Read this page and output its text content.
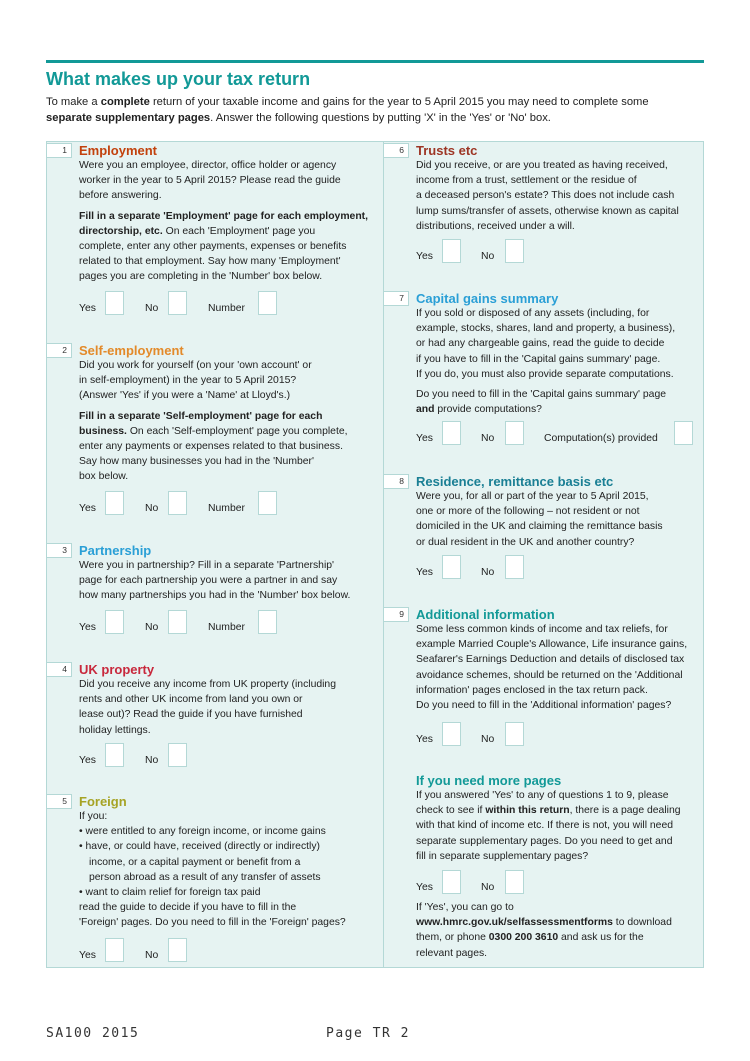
What makes up your tax return
To make a complete return of your taxable income and gains for the year to 5 April 2015 you may need to complete some
separate supplementary pages. Answer the following questions by putting 'X' in the 'Yes' or 'No' box.
1 Employment

Were you an employee, director, office holder or agency

worker in the year to 5 April 2015? Please read the guide

before answering.

Fill in a separate 'Employment' page for each employment,

directorship, etc. On each 'Employment' page you

complete, enter any other payments, expenses or benefits

related to that employment. Say how many 'Employment'

pages you are completing in the 'Number' box below.

Yes	No	Number
2 Self-employment

Did you work for yourself (on your 'own account' or

in self-employment) in the year to 5 April 2015?

(Answer 'Yes' if you were a 'Name' at Lloyd's.)

Fill in a separate 'Self-employment' page for each

business. On each 'Self-employment' page you complete,

enter any payments or expenses related to that business.

Say how many businesses you had in the 'Number'

box below.

Yes	No	Number
3 Partnership

Were you in partnership? Fill in a separate 'Partnership'

page for each partnership you were a partner in and say

how many partnerships you had in the 'Number' box below.

Yes	No	Number
4 UK property

Did you receive any income from UK property (including

rents and other UK income from land you own or

lease out)? Read the guide if you have furnished

holiday lettings.

Yes	No
5 Foreign

If you:

• were entitled to any foreign income, or income gains

• have, or could have, received (directly or indirectly)

income, or a capital payment or benefit from a

person abroad as a result of any transfer of assets

• want to claim relief for foreign tax paid

read the guide to decide if you have to fill in the

'Foreign' pages. Do you need to fill in the 'Foreign' pages?

Yes	No
6 Trusts etc

Did you receive, or are you treated as having received,

income from a trust, settlement or the residue of

a deceased person's estate? This does not include cash

lump sums/transfer of assets, otherwise known as capital

distributions, received under a will.

Yes	No
7 Capital gains summary

If you sold or disposed of any assets (including, for

example, stocks, shares, land and property, a business),

or had any chargeable gains, read the guide to decide

if you have to fill in the 'Capital gains summary' page.

If you do, you must also provide separate computations.

Do you need to fill in the 'Capital gains summary' page

and provide computations?

Yes	No	Computation(s) provided
8 Residence, remittance basis etc

Were you, for all or part of the year to 5 April 2015,

one or more of the following – not resident or not

domiciled in the UK and claiming the remittance basis

or dual resident in the UK and another country?

Yes	No
9 Additional information

Some less common kinds of income and tax reliefs, for

example Married Couple's Allowance, Life insurance gains,

Seafarer's Earnings Deduction and details of disclosed tax

avoidance schemes, should be returned on the 'Additional

information' pages enclosed in the tax return pack.

Do you need to fill in the 'Additional information' pages?

Yes	No
If you need more pages

If you answered 'Yes' to any of questions 1 to 9, please

check to see if within this return, there is a page dealing

with that kind of income etc. If there is not, you will need

separate supplementary pages. Do you need to get and

fill in separate supplementary pages?

Yes	No

If 'Yes', you can go to

www.hmrc.gov.uk/selfassessmentforms to download

them, or phone 0300 200 3610 and ask us for the

relevant pages.

SA100 2015	Page TR 2
